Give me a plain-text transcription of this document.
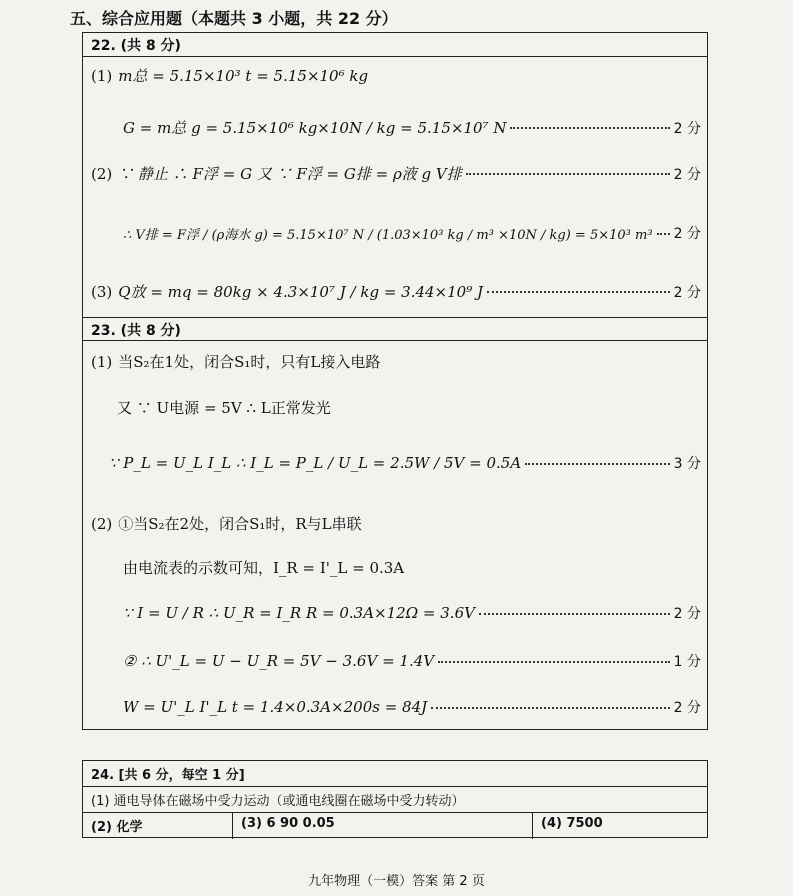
五、综合应用题（本题共 3 小题，共 22 分）
22. (共 8 分)
(1) m总 = 5.15×10³ t = 5.15×10⁶ kg
G = m总 g = 5.15×10⁶ kg×10N / kg = 5.15×10⁷ N	2 分
(2) ∵ 静止 ∴ F浮 = G 又 ∵ F浮 = G排 = ρ液 g V排	2 分
∴ V排 = F浮 / (ρ海水 g) = 5.15×10⁷ N / (1.03×10³ kg / m³ ×10N / kg) = 5×10³ m³ 2 分
(3) Q放 = mq = 80kg × 4.3×10⁷ J / kg = 3.44×10⁹ J	2 分
23. (共 8 分)
(1) 当S₂在1处，闭合S₁时，只有L接入电路
又 ∵ U电源 = 5V ∴ L正常发光
∵ P_L = U_L I_L ∴ I_L = P_L / U_L = 2.5W / 5V = 0.5A	3 分
(2) ①当S₂在2处，闭合S₁时，R与L串联
由电流表的示数可知，I_R = I'_L = 0.3A
∵ I = U / R ∴ U_R = I_R R = 0.3A×12Ω = 3.6V	2 分
② ∴ U'_L = U − U_R = 5V − 3.6V = 1.4V	1 分
W = U'_L I'_L t = 1.4×0.3A×200s = 84J	2 分
24. [共 6 分，每空 1 分]
(1) 通电导体在磁场中受力运动（或通电线圈在磁场中受力转动）
(2) 化学	(3) 6 90 0.05	(4) 7500
九年物理（一模）答案 第 2 页
